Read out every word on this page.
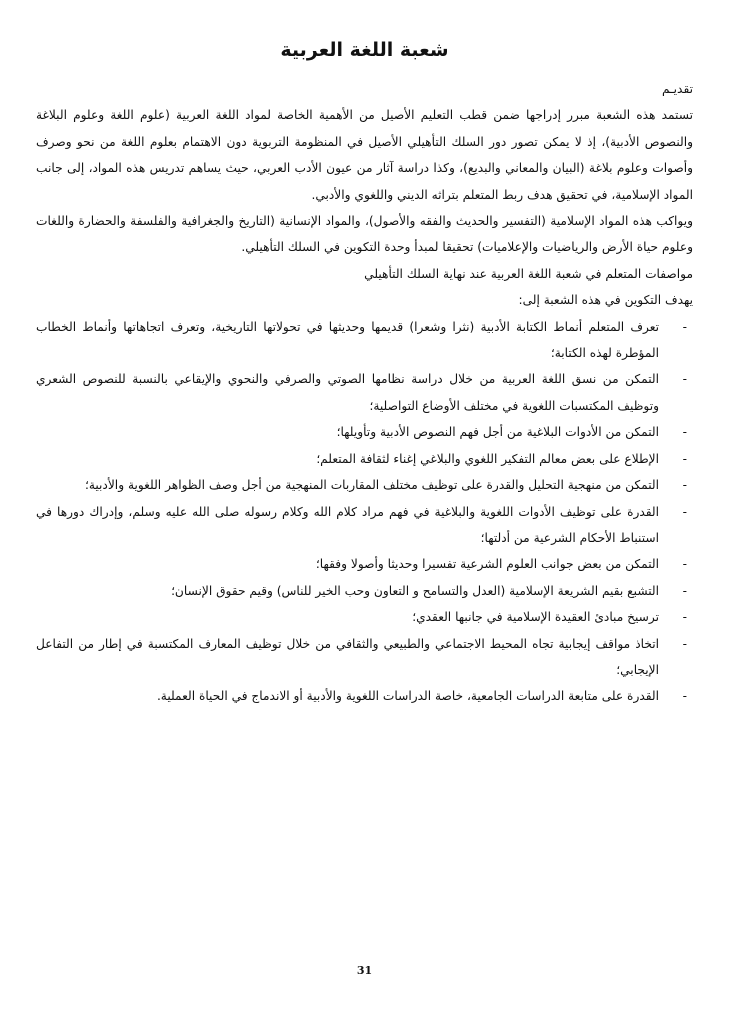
شعبة اللغة العربية

تقديـم

تستمد هذه الشعبة مبرر إدراجها ضمن قطب التعليم الأصيل من الأهمية الخاصة لمواد اللغة العربية (علوم اللغة وعلوم البلاغة والنصوص الأدبية)، إذ لا يمكن تصور دور السلك التأهيلي الأصيل في المنظومة التربوية دون الاهتمام بعلوم اللغة من نحو وصرف وأصوات وعلوم بلاغة (البيان والمعاني والبديع)، وكذا دراسة آثار من عيون الأدب العربي، حيث يساهم تدريس هذه المواد، إلى جانب المواد الإسلامية، في تحقيق هدف ربط المتعلم بتراثه الديني واللغوي والأدبي.

ويواكب هذه المواد الإسلامية (التفسير والحديث والفقه والأصول)، والمواد الإنسانية (التاريخ والجغرافية والفلسفة والحضارة واللغات وعلوم حياة الأرض والرياضيات والإعلاميات) تحقيقا لمبدأ وحدة التكوين في السلك التأهيلي.

مواصفات المتعلم في شعبة اللغة العربية عند نهاية السلك التأهيلي

يهدف التكوين في هذه الشعبة إلى:

-
تعرف المتعلم أنماط الكتابة الأدبية (نثرا وشعرا) قديمها وحديثها في تحولاتها التاريخية، وتعرف اتجاهاتها وأنماط الخطاب المؤطرة لهذه الكتابة؛
-
التمكن من نسق اللغة العربية من خلال دراسة نظامها الصوتي والصرفي والنحوي والإيقاعي بالنسبة للنصوص الشعري وتوظيف المكتسبات اللغوية في مختلف الأوضاع التواصلية؛
-
التمكن من الأدوات البلاغية من أجل فهم النصوص الأدبية وتأويلها؛
-
الإطلاع على بعض معالم التفكير اللغوي والبلاغي إغناء لثقافة المتعلم؛
-
التمكن من منهجية التحليل والقدرة على توظيف مختلف المقاربات المنهجية من أجل وصف الظواهر اللغوية والأدبية؛
-
القدرة على توظيف الأدوات اللغوية والبلاغية في فهم مراد كلام الله وكلام رسوله صلى الله عليه وسلم، وإدراك دورها في استنباط الأحكام الشرعية من أدلتها؛
-
التمكن من بعض جوانب العلوم الشرعية تفسيرا وحديثا وأصولا وفقها؛
-
التشبع بقيم الشريعة الإسلامية (العدل والتسامح و التعاون وحب الخير للناس) وقيم حقوق الإنسان؛
-
ترسيخ مبادئ العقيدة الإسلامية في جانبها العقدي؛
-
اتخاذ مواقف إيجابية تجاه المحيط الاجتماعي والطبيعي والثقافي من خلال توظيف المعارف المكتسبة في إطار من التفاعل الإيجابي؛
-
القدرة على متابعة الدراسات الجامعية، خاصة الدراسات اللغوية والأدبية أو الاندماج في الحياة العملية.
31
